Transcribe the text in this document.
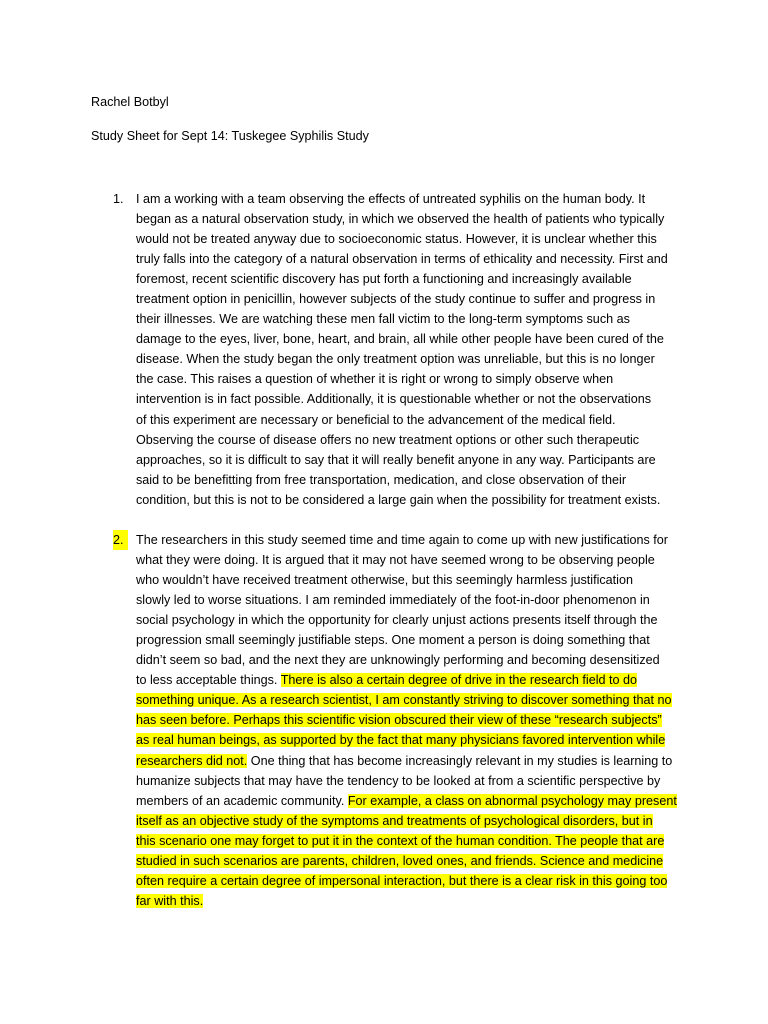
Rachel Botbyl

Study Sheet for Sept 14: Tuskegee Syphilis Study

1. I am a working with a team observing the effects of untreated syphilis on the human body. It
began as a natural observation study, in which we observed the health of patients who typically
would not be treated anyway due to socioeconomic status. However, it is unclear whether this
truly falls into the category of a natural observation in terms of ethicality and necessity. First and
foremost, recent scientific discovery has put forth a functioning and increasingly available
treatment option in penicillin, however subjects of the study continue to suffer and progress in
their illnesses. We are watching these men fall victim to the long-term symptoms such as
damage to the eyes, liver, bone, heart, and brain, all while other people have been cured of the
disease. When the study began the only treatment option was unreliable, but this is no longer
the case. This raises a question of whether it is right or wrong to simply observe when
intervention is in fact possible. Additionally, it is questionable whether or not the observations
of this experiment are necessary or beneficial to the advancement of the medical field.
Observing the course of disease offers no new treatment options or other such therapeutic
approaches, so it is difficult to say that it will really benefit anyone in any way. Participants are
said to be benefitting from free transportation, medication, and close observation of their
condition, but this is not to be considered a large gain when the possibility for treatment exists.
2. The researchers in this study seemed time and time again to come up with new justifications for
what they were doing. It is argued that it may not have seemed wrong to be observing people
who wouldn’t have received treatment otherwise, but this seemingly harmless justification
slowly led to worse situations. I am reminded immediately of the foot-in-door phenomenon in
social psychology in which the opportunity for clearly unjust actions presents itself through the
progression small seemingly justifiable steps. One moment a person is doing something that
didn’t seem so bad, and the next they are unknowingly performing and becoming desensitized
to less acceptable things. There is also a certain degree of drive in the research field to do
something unique. As a research scientist, I am constantly striving to discover something that no
has seen before. Perhaps this scientific vision obscured their view of these “research subjects”
as real human beings, as supported by the fact that many physicians favored intervention while
researchers did not. One thing that has become increasingly relevant in my studies is learning to
humanize subjects that may have the tendency to be looked at from a scientific perspective by
members of an academic community. For example, a class on abnormal psychology may present
itself as an objective study of the symptoms and treatments of psychological disorders, but in
this scenario one may forget to put it in the context of the human condition. The people that are
studied in such scenarios are parents, children, loved ones, and friends. Science and medicine
often require a certain degree of impersonal interaction, but there is a clear risk in this going too
far with this.
